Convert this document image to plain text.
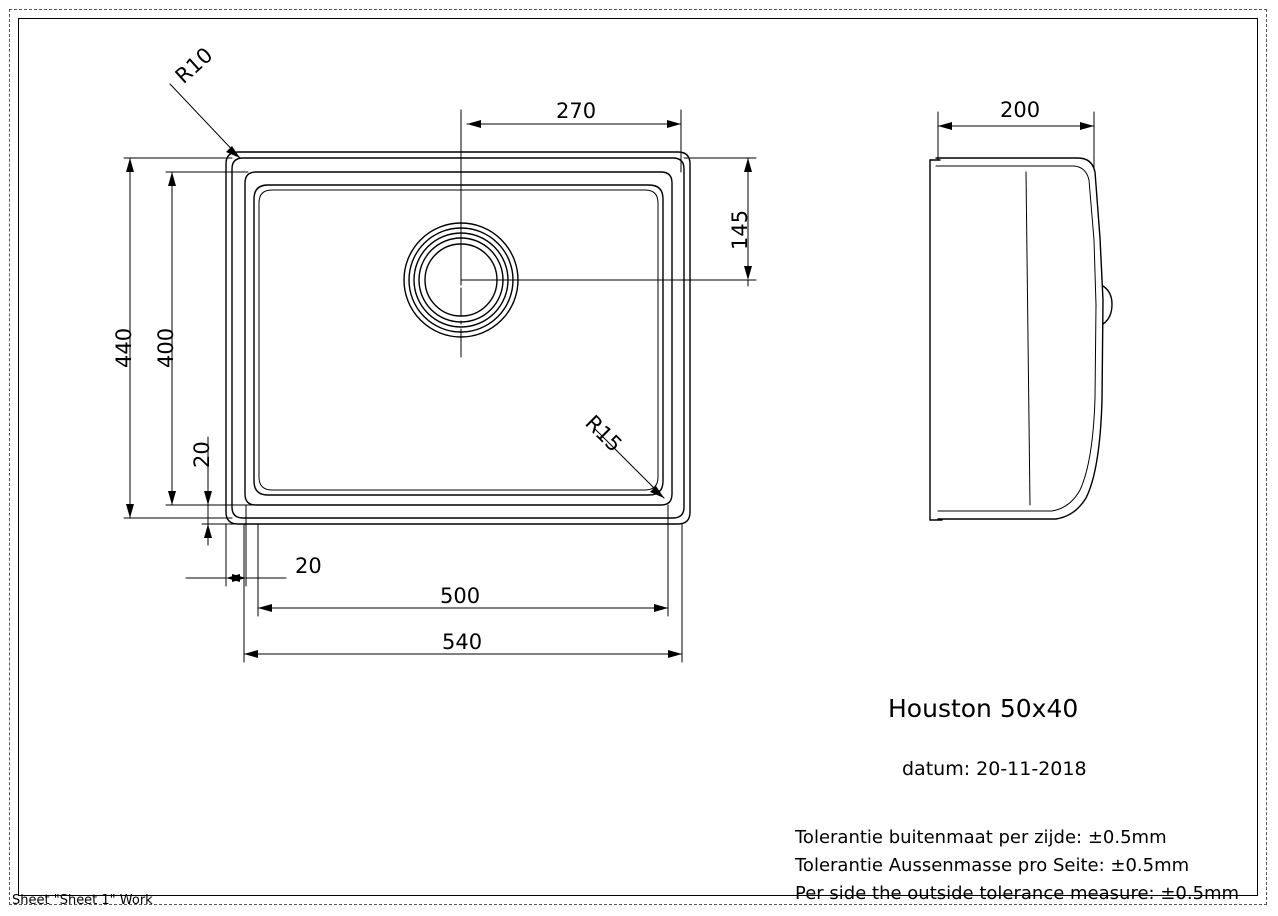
270
145
440 400
20
20
500
540
R10
R15
200
Houston 50x40
datum: 20-11-2018
Tolerantie buitenmaat per zijde: ±0.5mm
Tolerantie Aussenmasse pro Seite: ±0.5mm
Per side the outside tolerance measure: ±0.5mm
Sheet "Sheet 1" Work
